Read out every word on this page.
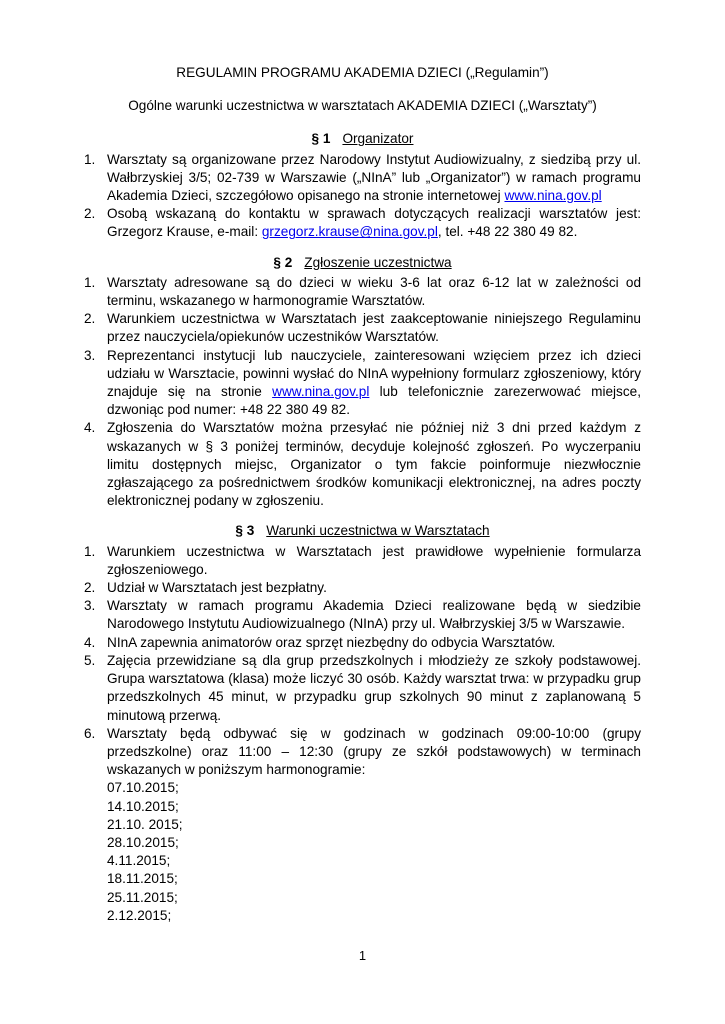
REGULAMIN PROGRAMU AKADEMIA DZIECI („Regulamin”)
Ogólne warunki uczestnictwa w warsztatach AKADEMIA DZIECI („Warsztaty”)
§ 1 Organizator
1. Warsztaty są organizowane przez Narodowy Instytut Audiowizualny, z siedzibą przy ul. Wałbrzyskiej 3/5; 02-739 w Warszawie („NInA” lub „Organizator”) w ramach programu Akademia Dzieci, szczegółowo opisanego na stronie internetowej www.nina.gov.pl
2. Osobą wskazaną do kontaktu w sprawach dotyczących realizacji warsztatów jest: Grzegorz Krause, e-mail: grzegorz.krause@nina.gov.pl, tel. +48 22 380 49 82.
§ 2 Zgłoszenie uczestnictwa
1. Warsztaty adresowane są do dzieci w wieku 3-6 lat oraz 6-12 lat w zależności od terminu, wskazanego w harmonogramie Warsztatów.
2. Warunkiem uczestnictwa w Warsztatach jest zaakceptowanie niniejszego Regulaminu przez nauczyciela/opiekunów uczestników Warsztatów.
3. Reprezentanci instytucji lub nauczyciele, zainteresowani wzięciem przez ich dzieci udziału w Warsztacie, powinni wysłać do NInA wypełniony formularz zgłoszeniowy, który znajduje się na stronie www.nina.gov.pl lub telefonicznie zarezerwować miejsce, dzwoniąc pod numer: +48 22 380 49 82.
4. Zgłoszenia do Warsztatów można przesyłać nie później niż 3 dni przed każdym z wskazanych w § 3 poniżej terminów, decyduje kolejność zgłoszeń. Po wyczerpaniu limitu dostępnych miejsc, Organizator o tym fakcie poinformuje niezwłocznie zgłaszającego za pośrednictwem środków komunikacji elektronicznej, na adres poczty elektronicznej podany w zgłoszeniu.
§ 3 Warunki uczestnictwa w Warsztatach
1. Warunkiem uczestnictwa w Warsztatach jest prawidłowe wypełnienie formularza zgłoszeniowego.
2. Udział w Warsztatach jest bezpłatny.
3. Warsztaty w ramach programu Akademia Dzieci realizowane będą w siedzibie Narodowego Instytutu Audiowizualnego (NInA) przy ul. Wałbrzyskiej 3/5 w Warszawie.
4. NInA zapewnia animatorów oraz sprzęt niezbędny do odbycia Warsztatów.
5. Zajęcia przewidziane są dla grup przedszkolnych i młodzieży ze szkoły podstawowej. Grupa warsztatowa (klasa) może liczyć 30 osób. Każdy warsztat trwa: w przypadku grup przedszkolnych 45 minut, w przypadku grup szkolnych 90 minut z zaplanowaną 5 minutową przerwą.
6. Warsztaty będą odbywać się w godzinach w godzinach 09:00-10:00 (grupy przedszkolne) oraz 11:00 – 12:30 (grupy ze szkół podstawowych) w terminach wskazanych w poniższym harmonogramie:
07.10.2015;
14.10.2015;
21.10. 2015;
28.10.2015;
4.11.2015;
18.11.2015;
25.11.2015;
2.12.2015;
1
